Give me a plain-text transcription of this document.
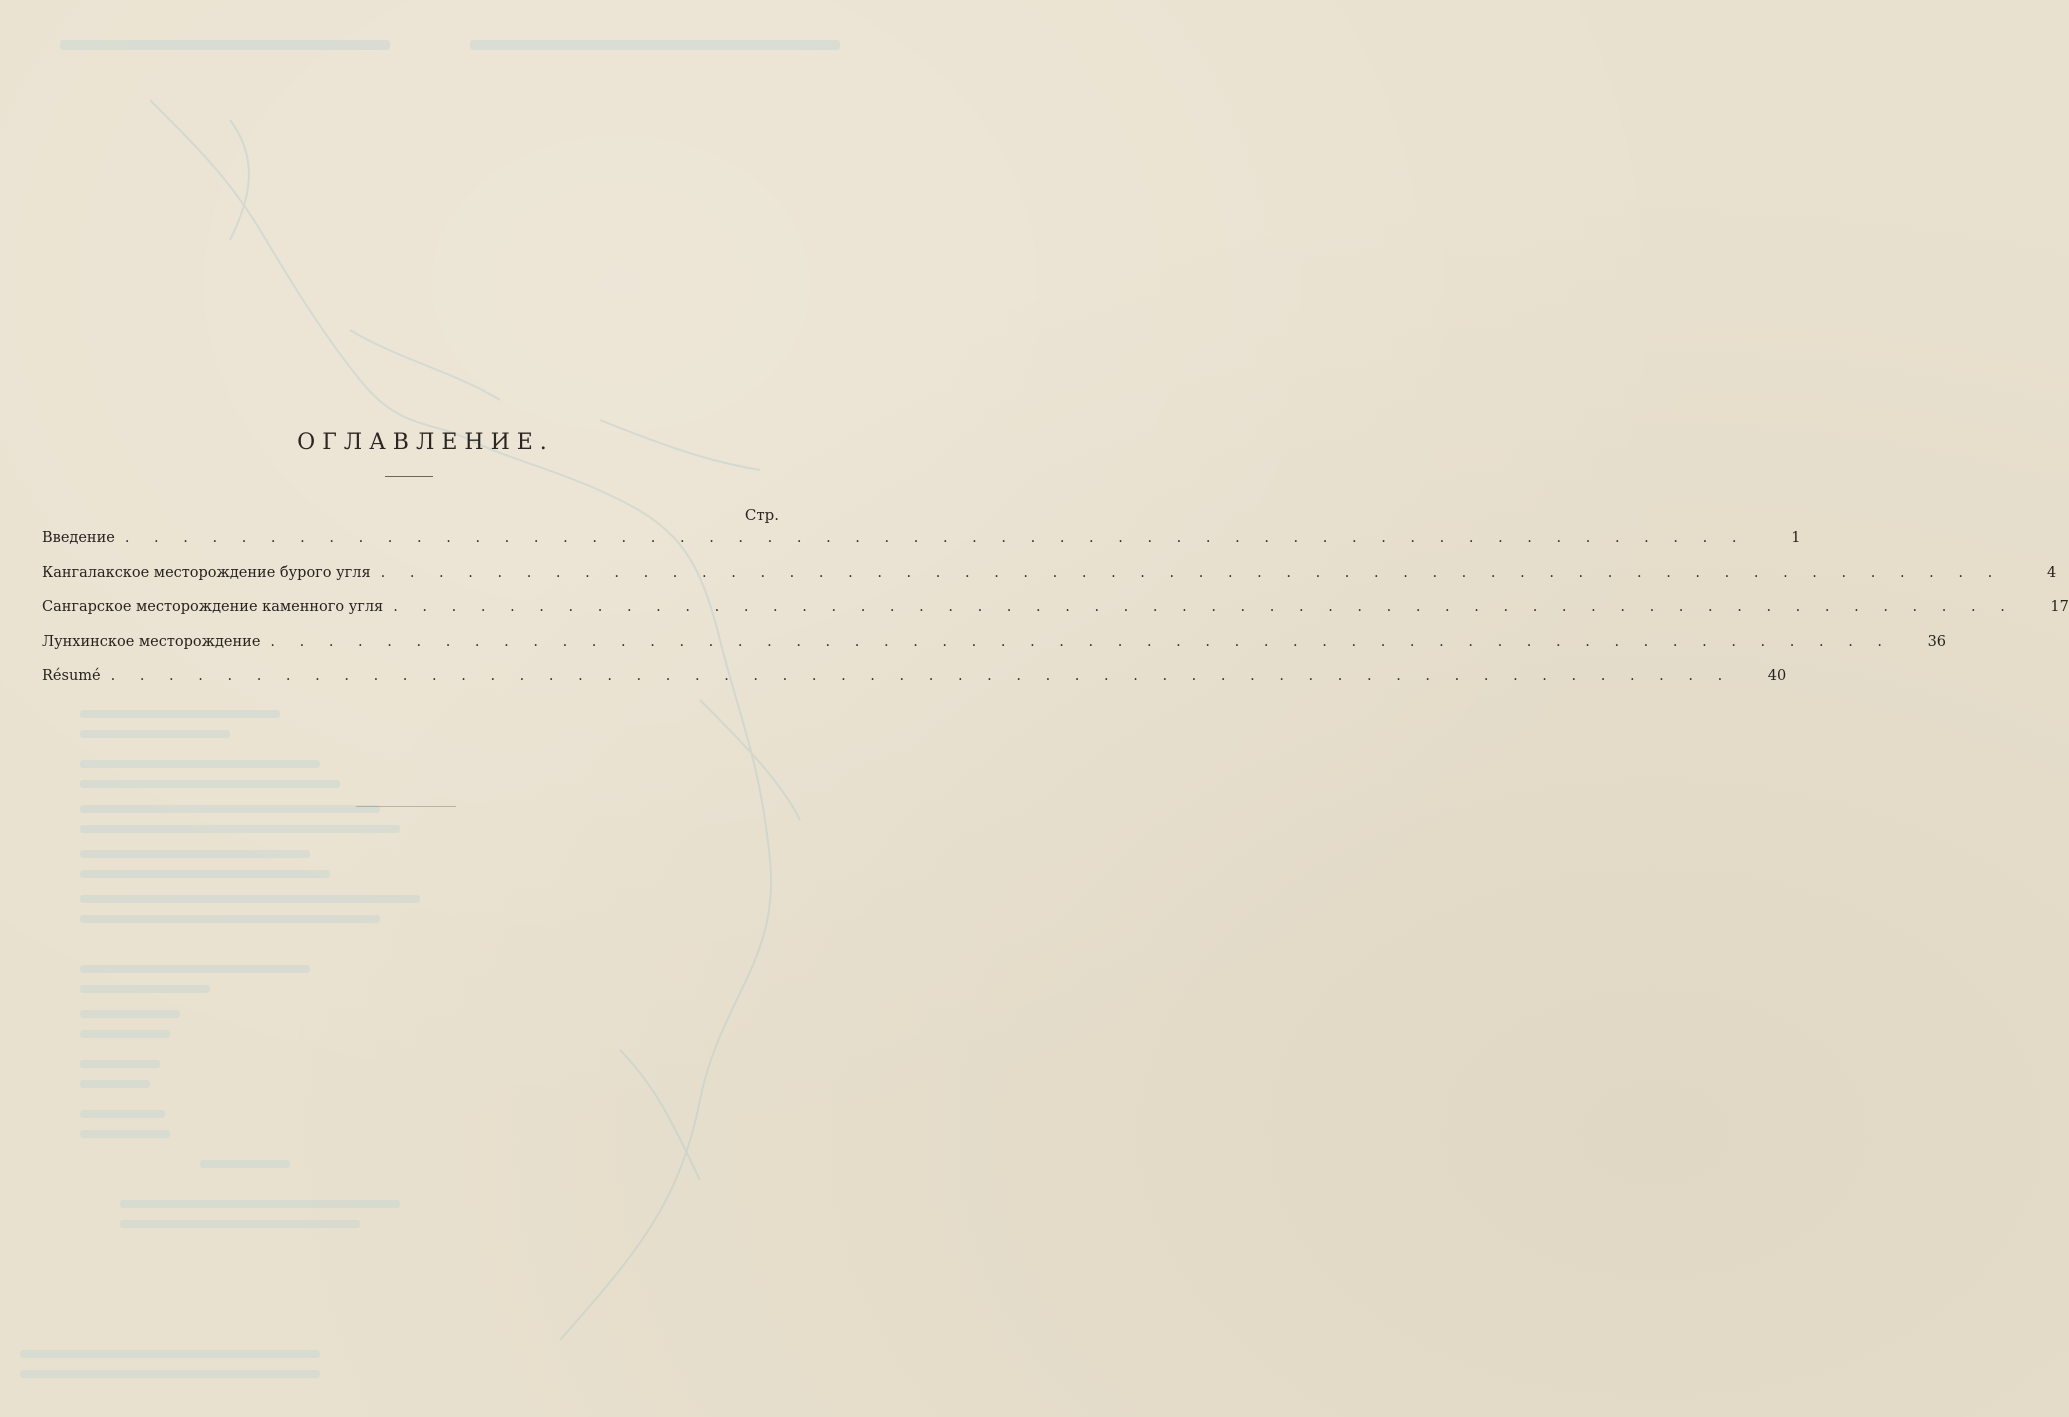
ОГЛАВЛЕНИЕ.
Стр.
Введение . . . . . . . . . . . . . . . . . . . . . . . . . . . . . . . . . . . . . . . . . . . . . . . . . . . . . . . .	1
Кангалакское месторождение бурого угля . . . . . . . . . . . . . . . . . . . . . . . . . . . . . . . . . . . . . . . . . . . . . . . . . . . . . . . .	4
Сангарское месторождение каменного угля . . . . . . . . . . . . . . . . . . . . . . . . . . . . . . . . . . . . . . . . . . . . . . . . . . . . . . . .	17
Лунхинское месторождение . . . . . . . . . . . . . . . . . . . . . . . . . . . . . . . . . . . . . . . . . . . . . . . . . . . . . . . .	36
Résumé . . . . . . . . . . . . . . . . . . . . . . . . . . . . . . . . . . . . . . . . . . . . . . . . . . . . . . . .	40
